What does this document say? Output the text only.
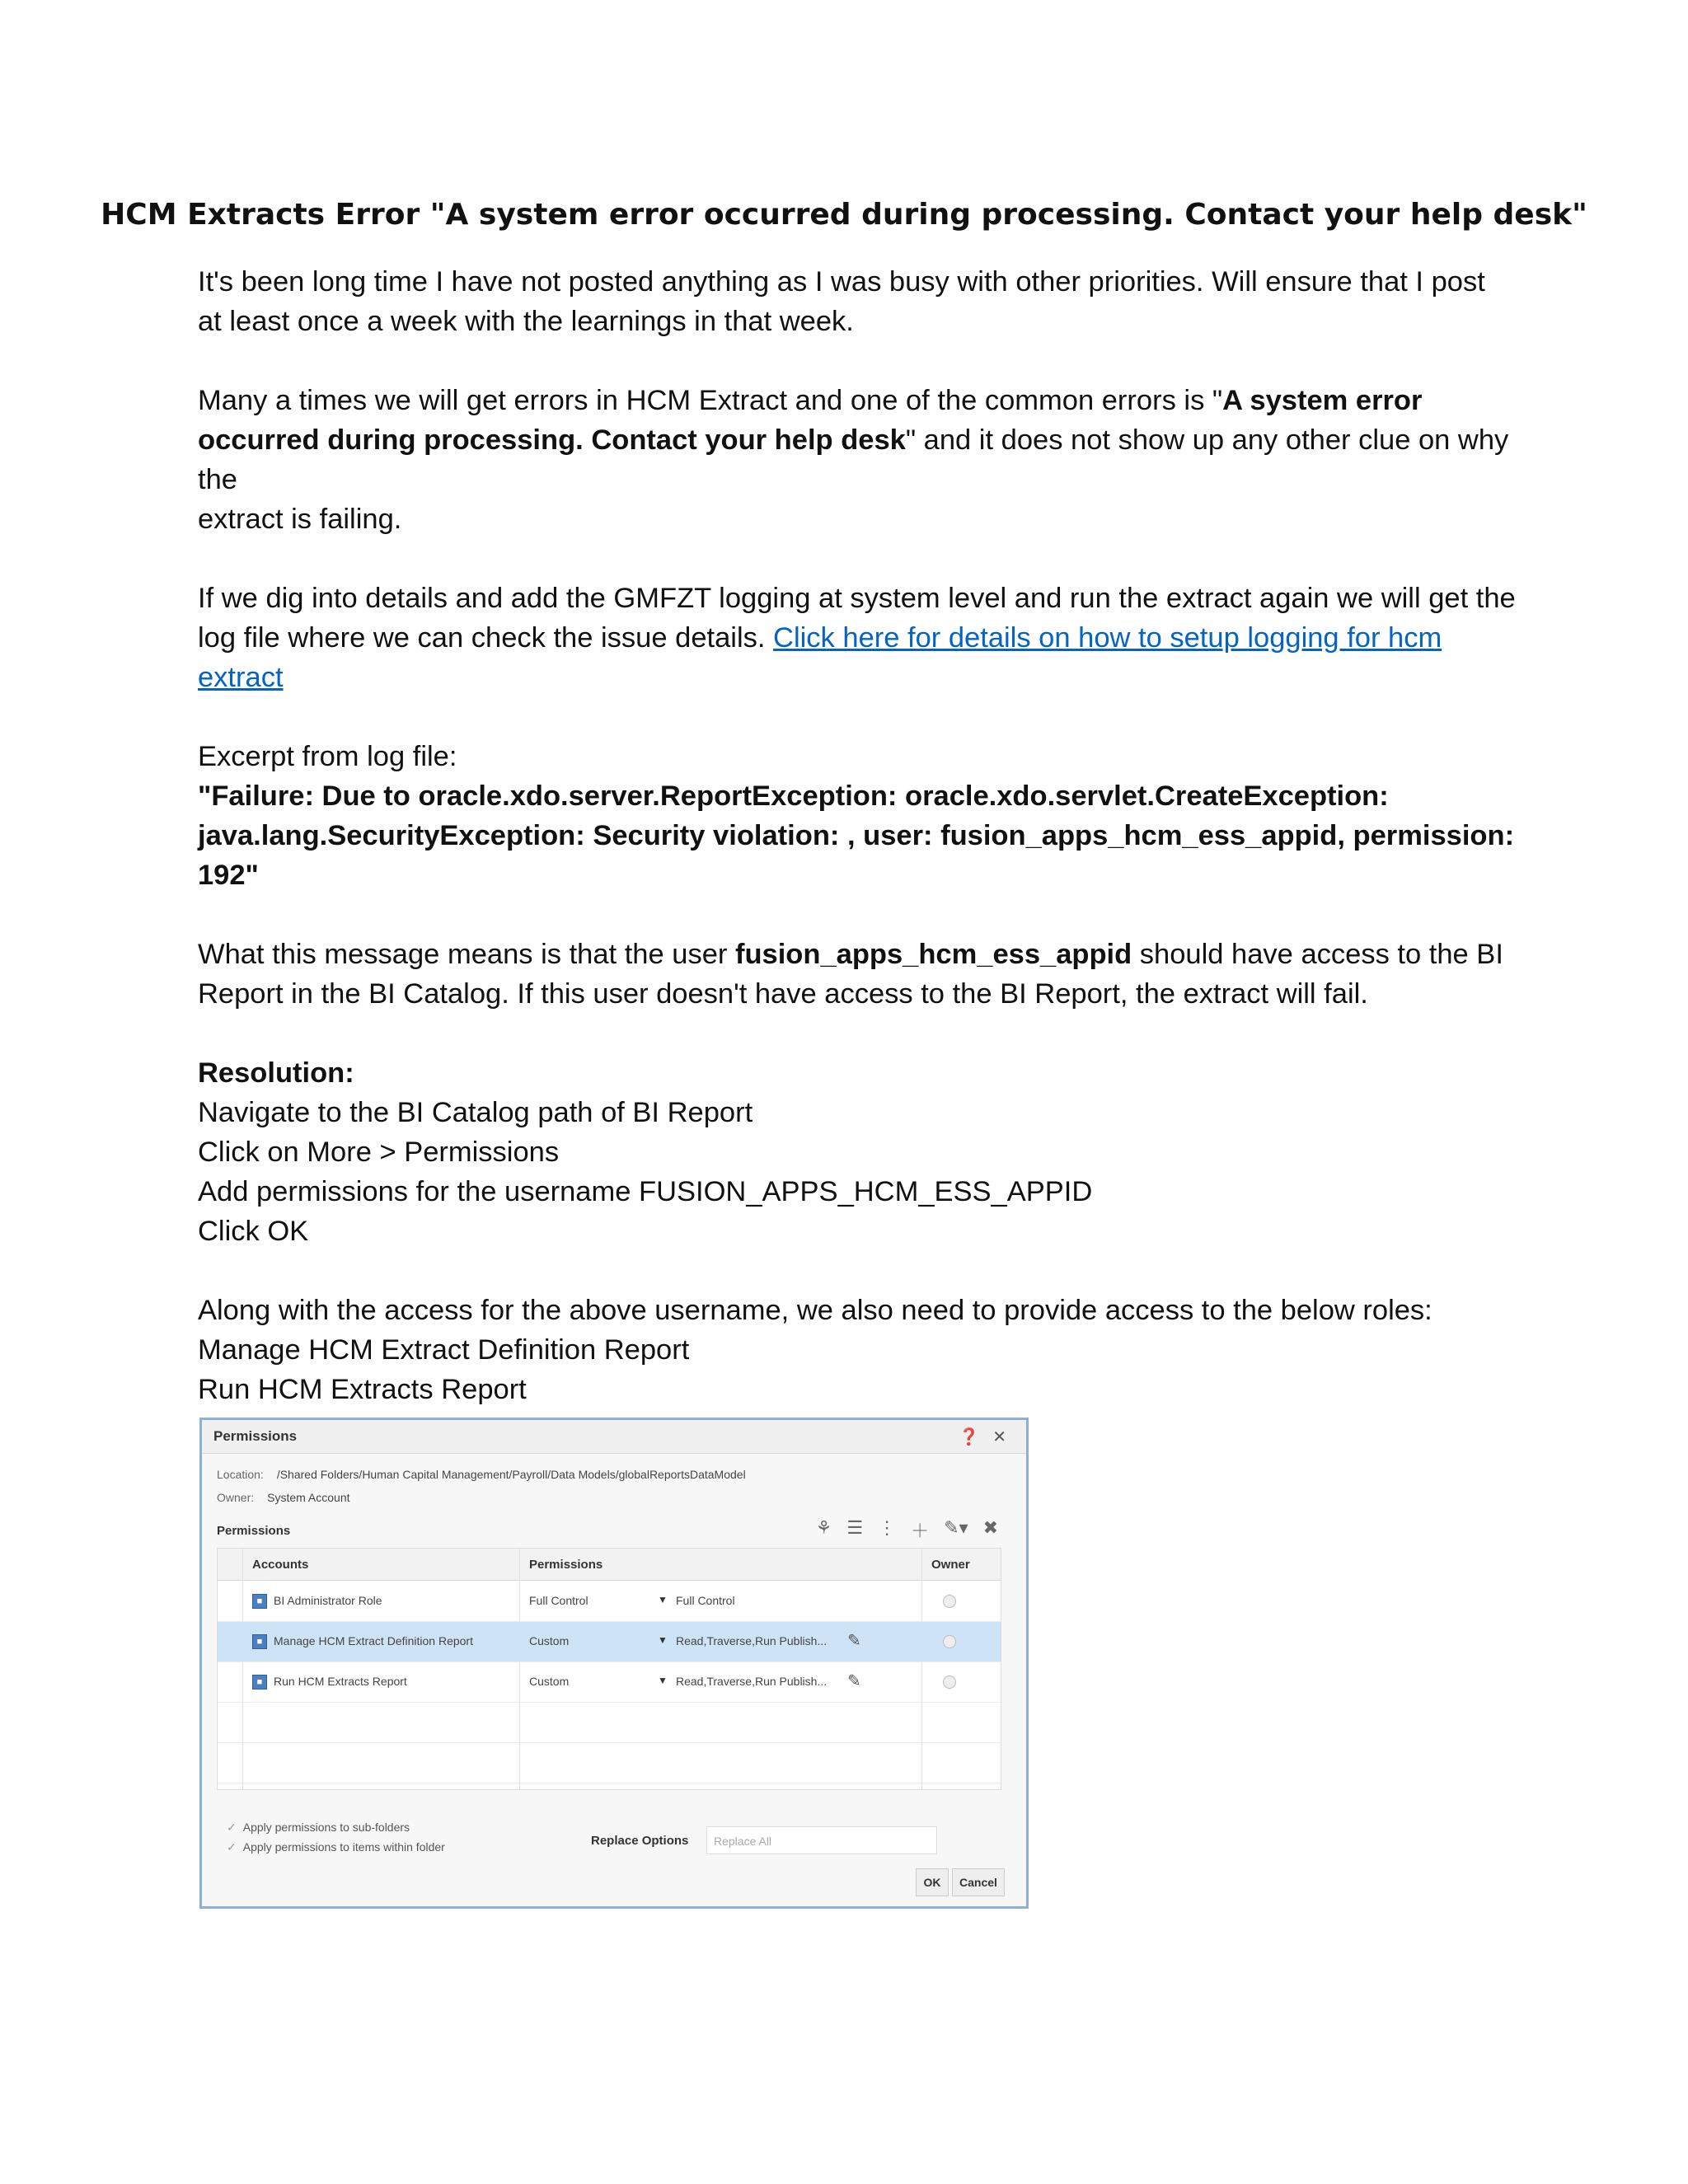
HCM Extracts Error "A system error occurred during processing. Contact your help desk"

It's been long time I have not posted anything as I was busy with other priorities. Will ensure that I post

at least once a week with the learnings in that week.

Many a times we will get errors in HCM Extract and one of the common errors is "A system error

occurred during processing. Contact your help desk" and it does not show up any other clue on why the

extract is failing.

If we dig into details and add the GMFZT logging at system level and run the extract again we will get the

log file where we can check the issue details. Click here for details on how to setup logging for hcm

extract

Excerpt from log file:

"Failure: Due to oracle.xdo.server.ReportException: oracle.xdo.servlet.CreateException:

java.lang.SecurityException: Security violation: , user: fusion_apps_hcm_ess_appid, permission: 192"

What this message means is that the user fusion_apps_hcm_ess_appid should have access to the BI

Report in the BI Catalog. If this user doesn't have access to the BI Report, the extract will fail.

Resolution:

Navigate to the BI Catalog path of BI Report

Click on More > Permissions

Add permissions for the username FUSION_APPS_HCM_ESS_APPID

Click OK

Along with the access for the above username, we also need to provide access to the below roles:

Manage HCM Extract Definition Report

Run HCM Extracts Report

Permissions	❓ ✕
Location: /Shared Folders/Human Capital Management/Payroll/Data Models/globalReportsDataModel
Owner: System Account
Permissions	⚘ ☰ ⋮ ＋ ✎▾ ✖
Accounts	Permissions	Owner
■ BI Administrator Role	Full Control	▼ Full Control
■ Manage HCM Extract Definition Report	Custom	▼ Read,Traverse,Run Publish... ✎
■ Run HCM Extracts Report	Custom	▼ Read,Traverse,Run Publish... ✎
✓ Apply permissions to sub-folders
✓ Apply permissions to items within folder	Replace Options	Replace All
OK	Cancel
